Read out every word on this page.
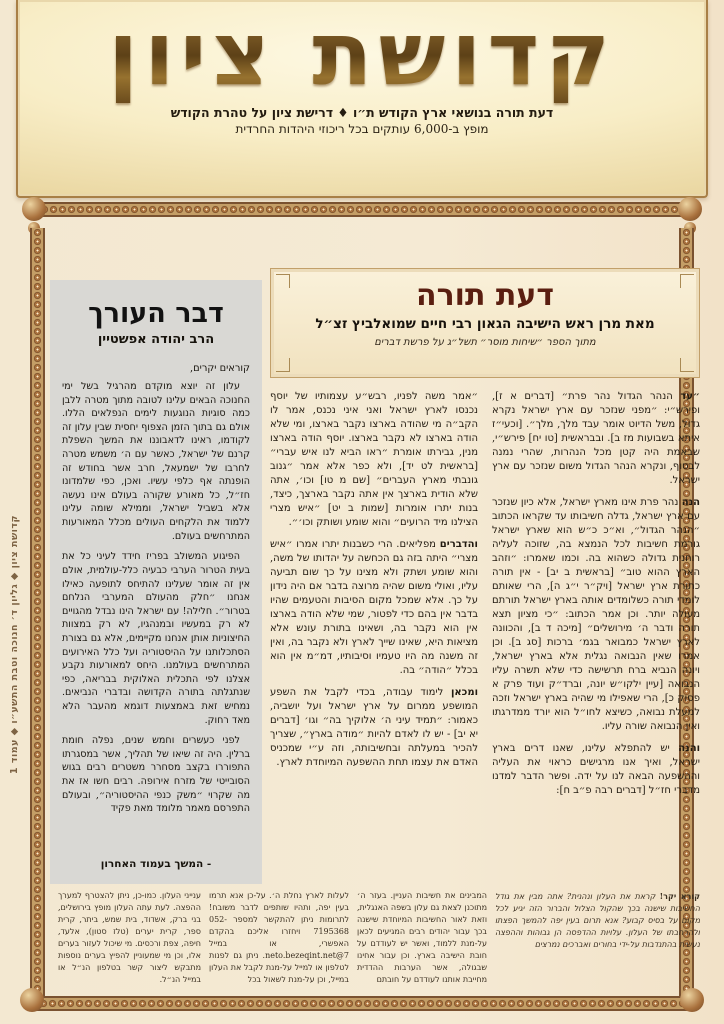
קדושת ציון
דעת תורה בנושאי ארץ הקודש ת״ו ♦ דרישת ציון על טהרת הקודש
מופץ ב-6,000 עותקים בכל ריכוזי היהדות החרדית
קדושת ציון ◆ גליון ד׳ חנוכה וטבת התשע״ו ◆ עמוד 1
דעת תורה
מאת מרן ראש הישיבה הגאון רבי חיים שמואלביץ זצ״ל
מתוך הספר ״שיחות מוסר״ תשל״ג על פרשת דברים

״עד הנהר הגדול נהר פרת״ [דברים א ז], ופירש״י: ״מפני שנזכר עם ארץ ישראל נקרא גדול, משל הדיוט אומר עבד מלך, מלך״. [וכעי״ז איתא בשבועות מז ב]. ובבראשית [טו יח] פירש״י, שבאמת היה קטן מכל הנהרות, שהרי נמנה לבסוף, ונקרא הנהר הגדול משום שנזכר עם ארץ ישראל.

הנה נהר פרת אינו מארץ ישראל, אלא כיון שנזכר עם ארץ ישראל, גדלה חשיבותו עד שקראו הכתוב ״הנהר הגדול״, וא״כ כ״ש הוא שארץ ישראל גורמת חשיבות לכל הנמצא בה, שזוכה לעליה רוחנית גדולה כשהוא בה. וכמו שאמרו: ״וזהב הארץ ההוא טוב״ [בראשית ב יב] - אין תורה כתורת ארץ ישראל [ויק״ר י״ג ה], הרי שאותם לומדי תורה כשלומדים אותה בארץ ישראל תורתם מעולה יותר. וכן אמר הכתוב: ״כי מציון תצא תורה ודבר ה׳ מירושלים״ [מיכה ד ב], והכוונה לארץ ישראל כמבואר בגמ׳ ברכות [סג ב]. וכן אמרו שאין הנבואה נגלית אלא בארץ ישראל, ויונה הנביא ברח תרשישה כדי שלא תשרה עליו הנבואה [עיין ילקו״ש יונה, וברד״ק ועוד פרק א פסוק כ], הרי שאפילו מי שהיה בארץ ישראל וזכה למעלת נבואה, כשיצא לחו״ל הוא יורד ממדרגתו ואין הנבואה שורה עליו.

והנה יש להתפלא עלינו, שאנו דרים בארץ ישראל, ואיך אנו מרגישים כראוי את העליה וההשפעה הבאה לנו על ידה. ופשר הדבר למדנו מדברי חז״ל [דברים רבה פ״ב ח]:

״אמר משה לפניו, רבש״ע עצמותיו של יוסף נכנסו לארץ ישראל ואני איני נכנס, אמר לו הקב״ה מי שהודה בארצו נקבר בארצו, ומי שלא הודה בארצו לא נקבר בארצו. יוסף הודה בארצו מנין, גבירתו אומרת ״ראו הביא לנו איש עברי״ [בראשית לט יד], ולא כפר אלא אמר ״גנוב גונבתי מארץ העברים״ [שם מ טו] וכו׳, אתה שלא הודית בארצך אין אתה נקבר בארצך, כיצד, בנות יתרו אומרות [שמות ב יט] ״איש מצרי הצילנו מיד הרועים״ והוא שומע ושותק וכו׳״.

והדברים מפליאים. הרי כשבנות יתרו אמרו ״איש מצרי״ היתה בזה גם הכחשה על יהדותו של משה, והוא שומע ושתק ולא מצינו על כך שום תביעה עליו, ואולי משום שהיה מרוצה בדבר אם היה נידון על כך. אלא שמכל מקום הסיבות והטעמים שהיו בדבר אין בהם כדי לפטור, שמי שלא הודה בארצו אין הוא נקבר בה, ושאינו בתורת עונש אלא מציאות היא, שאינו שייך לארץ ולא נקבר בה, ואין זה משנה מה היו טעמיו וסיבותיו, דמ״מ אין הוא בכלל ״הודה״ בה.

ומכאן לימוד עבודה, בכדי לקבל את השפע המושפע ממרום על ארץ ישראל ועל יושביה, כאמור: ״תמיד עיני ה׳ אלוקיך בה״ וגו׳ [דברים יא יב] - יש לו לאדם להיות ״מודה בארץ״, שצריך להכיר במעלתה ובחשיבותה, וזה ע״י שמכניס האדם את עצמו תחת ההשפעה המיוחדת לארץ.

דבר העורך
הרב יהודה אפשטיין
קוראים יקרים,

עלון זה יוצא מוקדם מהרגיל בשל ימי החנוכה הבאים עלינו לטובה מתוך מטרה ללבן כמה סוגיות הנוגעות לימים הנפלאים הללו. אולם גם בתוך הזמן הצפוף יחסית שבין עלון זה לקודמו, ראינו לדאבוננו את המשך השפלת קרנם של ישראל, כאשר עם ה׳ משמש מטרה לחרבו של ישמעאל, חרב אשר בחודש זה הופנתה אף כלפי עשיו. ואכן, כפי שלמדונו חז״ל, כל מאורע שקורה בעולם אינו נעשה אלא בשביל ישראל, וממילא שומה עלינו ללמוד את הלקחים העולים מכלל המאורעות המתרחשים בעולם.

הפיגוע המשולב בפריז חידד לעיני כל את בעית הטרור הערבי כבעיה כלל-עולמית, אולם אין זה אומר שעלינו להתיחס לתופעה כאילו אנחנו ״חלק מהעולם המערבי הנלחם בטרור״. חלילה! עם ישראל הינו נבדל מהגויים לא רק במעשיו ובמנהגיו, לא רק במצוות החיצוניות אותן אנחנו מקיימים, אלא גם בצורת הסתכלותנו על ההיסטוריה ועל כלל האירועים המתרחשים בעולמנו. היחס למאורעות נקבע אצלנו לפי התכלית האלוקית בבריאה, כפי שנתגלתה בתורה הקדושה ובדברי הנביאים. נמחיש זאת באמצעות דוגמא מהעבר הלא מאד רחוק.

לפני כעשרים וחמש שנים, נפלה חומת ברלין. היה זה שיאו של תהליך, אשר במסגרתו התפוררו בקצב מסחרר משטרים רבים בגוש הסובייטי של מזרח אירופה. רבים חשו אז את מה שקרוי ״משק כנפי ההיסטוריה״, ובעולם התפרסם מאמר מלומד מאת פקיד

- המשך בעמוד האחרון
קורא יקר! קראת את העלון ונהנית? אתה מבין את גודל החשיבות שישנה בכך שהקול הצלול והברור הזה יגיע לכל מקום על בסיס קבוע? אנא תרום בעין יפה להמשך הפצתו ולהרחבתו של העלון. עלויות ההדפסה הן גבוהות וההפצה נעשית בהתנדבות על-ידי בחורים ואברכים נמרצים
המבינים את חשיבות העניין. בעזר ה׳ מתוכנן לצאת גם עלון בשפה האנגלית, וזאת לאור החשיבות המיוחדת שישנה בכך עבור יהודים רבים המגיעים לכאן על-מנת ללמוד, ואשר יש לעודדם על חובת הישיבה בארץ. וכן עבור אחינו שבגולה, אשר הערבות ההדדית מחייבת אותנו לעודדם על חובתם
לעלות לארץ נחלת ה׳. על-כן אנא תרמו בעין יפה, ותהיו שותפים לדבר משובח! לתרומות ניתן להתקשר למספר 052-7195368 ויחזרו אליכם בהקדם האפשרי, או במייל 7@neto.bezeqint.net. ניתן גם לפנות לטלפון או למייל על-מנת לקבל את העלון במייל, וכן על-מנת לשאול בכל
ענייני העלון. כמו-כן, ניתן להצטרף למערך ההפצה. לעת עתה העלון מופץ בירושלים, בני ברק, אשדוד, בית שמש, ביתר, קרית ספר, קרית יערים (טלז סטון), אלעד, חיפה, צפת ורכסים. מי שיכול לעזור בערים אלו, וכן מי שמעוניין להפיץ בערים נוספות מתבקש ליצור קשר בטלפון הנ״ל או במייל הנ״ל.
